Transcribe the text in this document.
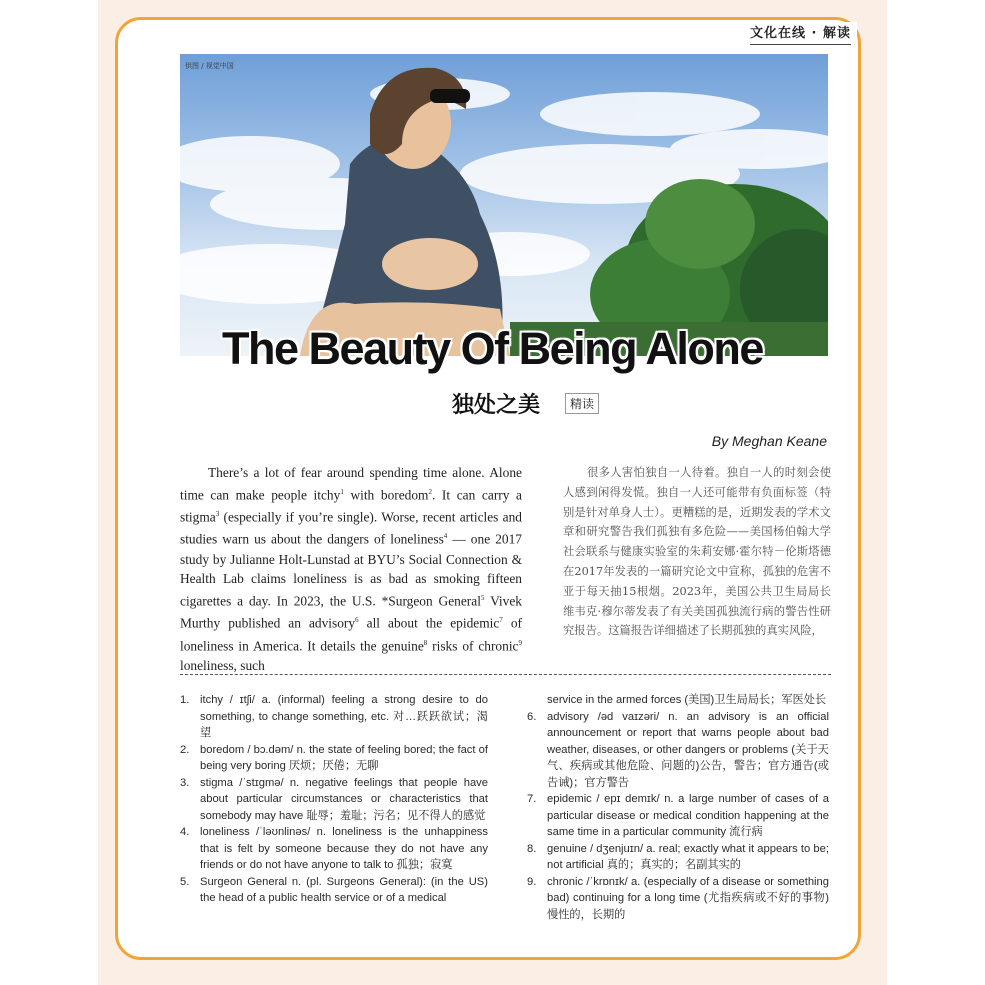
文化在线 · 解读
供图 / 视觉中国
The Beauty Of Being Alone
独处之美	精读
By Meghan Keane

There’s a lot of fear around spending time alone. Alone time can make people itchy$^1$ with boredom$^2$. It can carry a stigma$^3$ (especially if you’re single). Worse, recent articles and studies warn us about the dangers of loneliness$^4$ — one 2017 study by Julianne Holt-Lunstad at BYU’s Social Connection & Health Lab claims loneliness is as bad as smoking fifteen cigarettes a day. In 2023, the U.S. *Surgeon General$^5$ Vivek Murthy published an advisory$^6$ all about the epidemic$^7$ of loneliness in America. It details the genuine$^8$ risks of chronic$^9$ loneliness, such

很多人害怕独自一人待着。独自一人的时刻会使人感到闲得发慌。独自一人还可能带有负面标签（特别是针对单身人士）。更糟糕的是，近期发表的学术文章和研究警告我们孤独有多危险——美国杨伯翰大学社会联系与健康实验室的朱莉安娜·霍尔特－伦斯塔德在2017年发表的一篇研究论文中宣称，孤独的危害不亚于每天抽15根烟。2023年，美国公共卫生局局长维韦克·穆尔蒂发表了有关美国孤独流行病的警告性研究报告。这篇报告详细描述了长期孤独的真实风险，

1. itchy / ɪtʃi/ a. (informal) feeling a strong desire to do something, to change something, etc. 对…跃跃欲试；渴望
2. boredom / bɔ.dəm/ n. the state of feeling bored; the fact of being very boring 厌烦；厌倦；无聊
3. stigma /ˈstɪgmə/ n. negative feelings that people have about particular circumstances or characteristics that somebody may have 耻辱；羞耻；污名；见不得人的感觉
4. loneliness /ˈləʊnlinəs/ n. loneliness is the unhappiness that is felt by someone because they do not have any friends or do not have anyone to talk to 孤独；寂寞
5. Surgeon General n. (pl. Surgeons General): (in the US) the head of a public health service or of a medical
service in the armed forces (美国)卫生局局长；军医处长
6. advisory /əd vaɪzəri/ n. an advisory is an official announcement or report that warns people about bad weather, diseases, or other dangers or problems (关于天气、疾病或其他危险、问题的)公告，警告；官方通告(或告诫)；官方警告
7. epidemic / epɪ demɪk/ n. a large number of cases of a particular disease or medical condition happening at the same time in a particular community 流行病
8. genuine / dʒenjuɪn/ a. real; exactly what it appears to be; not artificial 真的；真实的；名副其实的
9. chronic /ˈkrɒnɪk/ a. (especially of a disease or something bad) continuing for a long time (尤指疾病或不好的事物)慢性的，长期的
